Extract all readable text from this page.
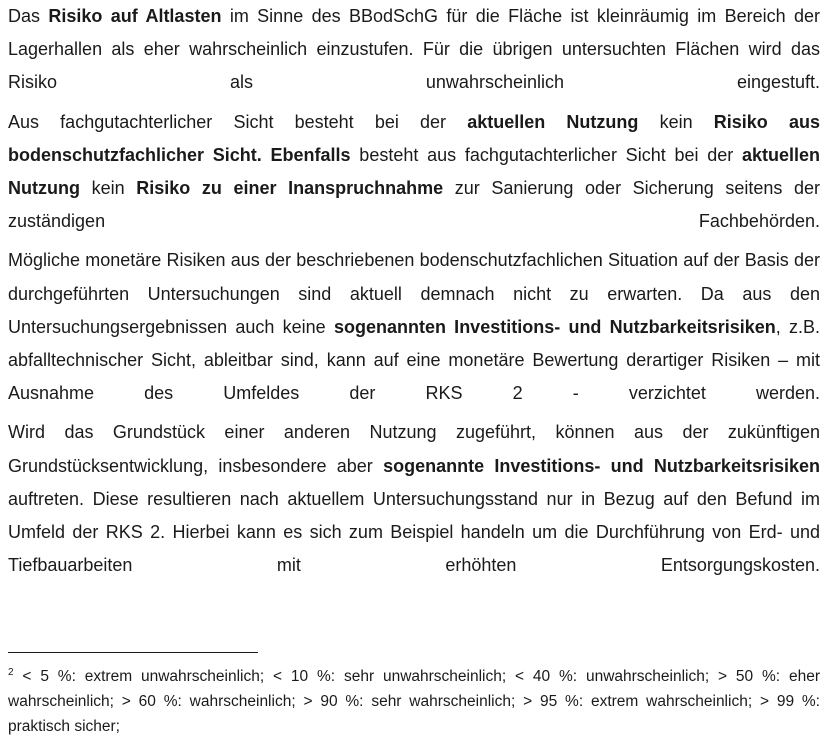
Das Risiko auf Altlasten im Sinne des BBodSchG für die Fläche ist kleinräumig im Bereich der Lagerhallen als eher wahrscheinlich einzustufen. Für die übrigen untersuchten Flächen wird das Risiko als unwahrscheinlich eingestuft.

Aus fachgutachterlicher Sicht besteht bei der aktuellen Nutzung kein Risiko aus bodenschutzfachlicher Sicht. Ebenfalls besteht aus fachgutachterlicher Sicht bei der aktuellen Nutzung kein Risiko zu einer Inanspruchnahme zur Sanierung oder Sicherung seitens der zuständigen Fachbehörden.

Mögliche monetäre Risiken aus der beschriebenen bodenschutzfachlichen Situation auf der Basis der durchgeführten Untersuchungen sind aktuell demnach nicht zu erwarten. Da aus den Untersuchungsergebnissen auch keine sogenannten Investitions- und Nutzbarkeitsrisiken, z.B. abfalltechnischer Sicht, ableitbar sind, kann auf eine monetäre Bewertung derartiger Risiken – mit Ausnahme des Umfeldes der RKS 2 - verzichtet werden.

Wird das Grundstück einer anderen Nutzung zugeführt, können aus der zukünftigen Grundstücksentwicklung, insbesondere aber sogenannte Investitions- und Nutzbarkeitsrisiken auftreten. Diese resultieren nach aktuellem Untersuchungsstand nur in Bezug auf den Befund im Umfeld der RKS 2. Hierbei kann es sich zum Beispiel handeln um die Durchführung von Erd- und Tiefbauarbeiten mit erhöhten Entsorgungskosten.

$^2$ < 5 %: extrem unwahrscheinlich; < 10 %: sehr unwahrscheinlich; < 40 %: unwahrscheinlich; > 50 %: eher wahrscheinlich; > 60 %: wahrscheinlich; > 90 %: sehr wahrscheinlich; > 95 %: extrem wahrscheinlich; > 99 %: praktisch sicher;
